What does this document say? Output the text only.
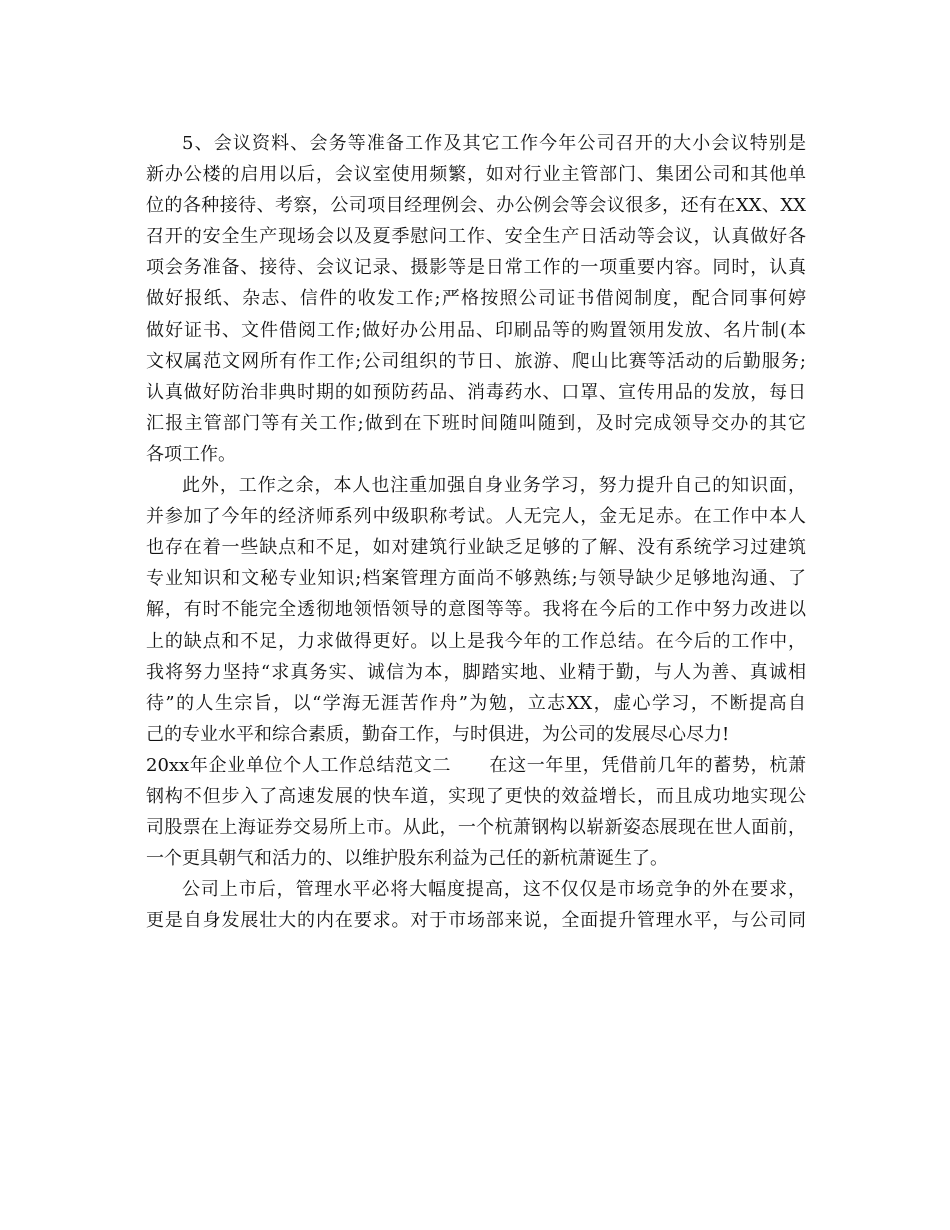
5、会议资料、会务等准备工作及其它工作今年公司召开的大小会议特别是
新办公楼的启用以后，会议室使用频繁，如对行业主管部门、集团公司和其他单
位的各种接待、考察，公司项目经理例会、办公例会等会议很多，还有在XX、XX
召开的安全生产现场会以及夏季慰问工作、安全生产日活动等会议，认真做好各
项会务准备、接待、会议记录、摄影等是日常工作的一项重要内容。同时，认真
做好报纸、杂志、信件的收发工作;严格按照公司证书借阅制度，配合同事何婷
做好证书、文件借阅工作;做好办公用品、印刷品等的购置领用发放、名片制(本
文权属范文网所有作工作;公司组织的节日、旅游、爬山比赛等活动的后勤服务;
认真做好防治非典时期的如预防药品、消毒药水、口罩、宣传用品的发放，每日
汇报主管部门等有关工作;做到在下班时间随叫随到，及时完成领导交办的其它
各项工作。
此外，工作之余，本人也注重加强自身业务学习，努力提升自己的知识面，
并参加了今年的经济师系列中级职称考试。人无完人，金无足赤。在工作中本人
也存在着一些缺点和不足，如对建筑行业缺乏足够的了解、没有系统学习过建筑
专业知识和文秘专业知识;档案管理方面尚不够熟练;与领导缺少足够地沟通、了
解，有时不能完全透彻地领悟领导的意图等等。我将在今后的工作中努力改进以
上的缺点和不足，力求做得更好。以上是我今年的工作总结。在今后的工作中，
我将努力坚持“求真务实、诚信为本，脚踏实地、业精于勤，与人为善、真诚相
待”的人生宗旨，以“学海无涯苦作舟”为勉，立志XX，虚心学习，不断提高自
己的专业水平和综合素质，勤奋工作，与时俱进，为公司的发展尽心尽力!
20xx年企业单位个人工作总结范文二      在这一年里，凭借前几年的蓄势，杭萧
钢构不但步入了高速发展的快车道，实现了更快的效益增长，而且成功地实现公
司股票在上海证券交易所上市。从此，一个杭萧钢构以崭新姿态展现在世人面前，
一个更具朝气和活力的、以维护股东利益为己任的新杭萧诞生了。
公司上市后，管理水平必将大幅度提高，这不仅仅是市场竞争的外在要求，
更是自身发展壮大的内在要求。对于市场部来说，全面提升管理水平，与公司同
